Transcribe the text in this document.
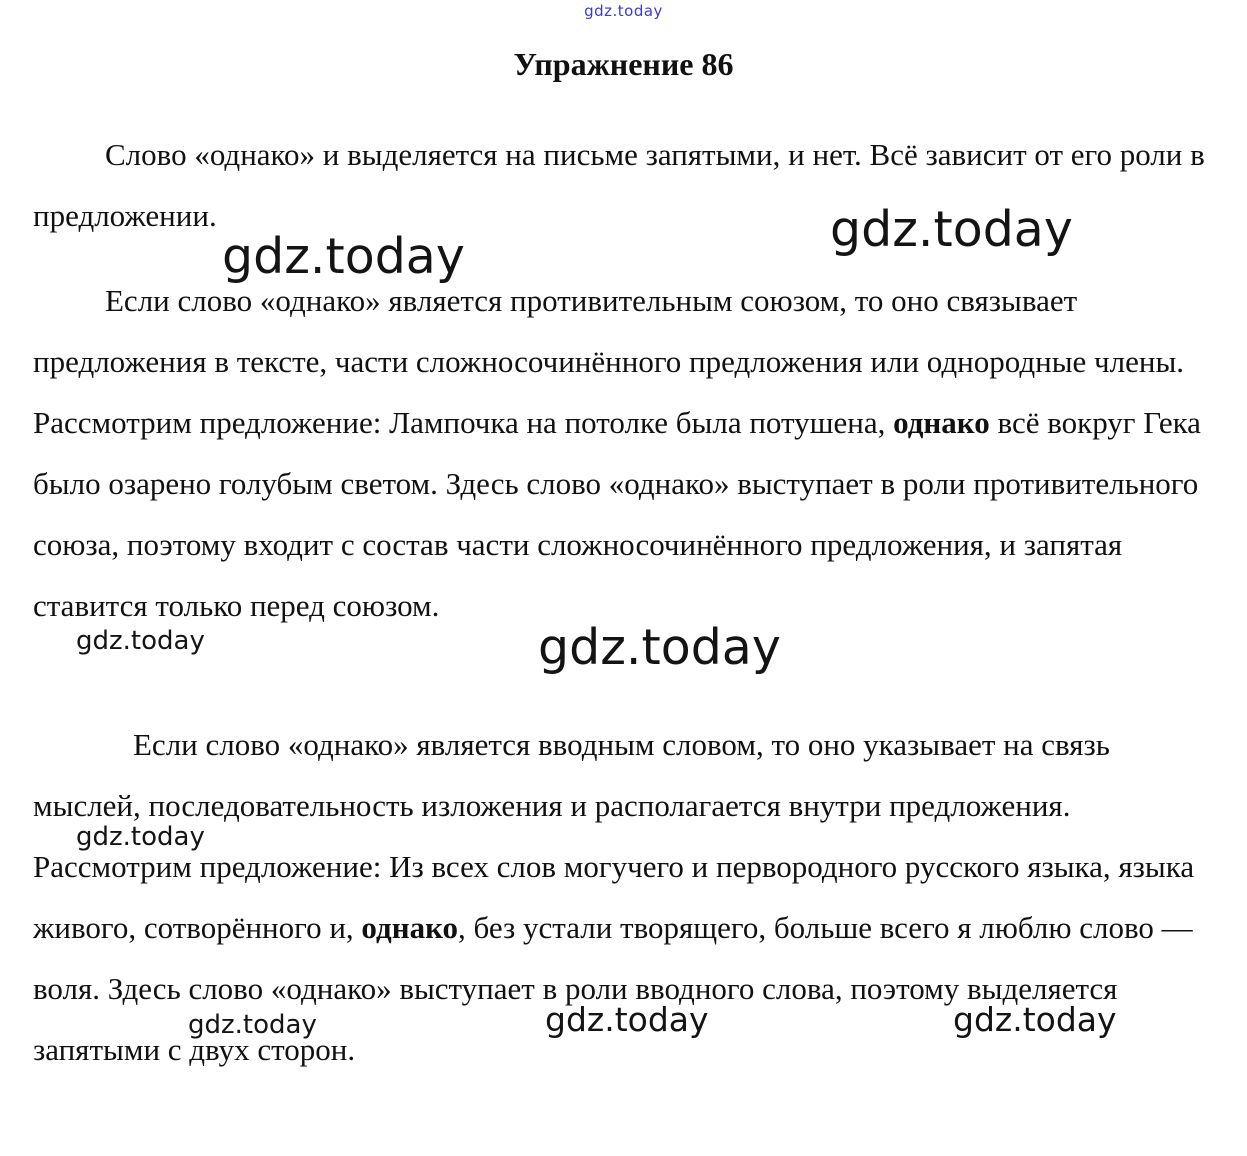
gdz.today
Упражнение 86

Слово «однако» и выделяется на письме запятыми, и нет. Всё зависит от его роли в предложении.

Если слово «однако» является противительным союзом, то оно связывает предложения в тексте, части сложносочинённого предложения или однородные члены. Рассмотрим предложение: Лампочка на потолке была потушена, однако всё вокруг Гека было озарено голубым светом. Здесь слово «однако» выступает в роли противительного союза, поэтому входит с состав части сложносочинённого предложения, и запятая ставится только перед союзом.

Если слово «однако» является вводным словом, то оно указывает на связь мыслей, последовательность изложения и располагается внутри предложения. Рассмотрим предложение: Из всех слов могучего и первородного русского языка, языка живого, сотворённого и, однако, без устали творящего, больше всего я люблю слово — воля. Здесь слово «однако» выступает в роли вводного слова, поэтому выделяется запятыми с двух сторон.

gdz.today	gdz.today
gdz.today
gdz.today
gdz.today
gdz.today	gdz.today	gdz.today
